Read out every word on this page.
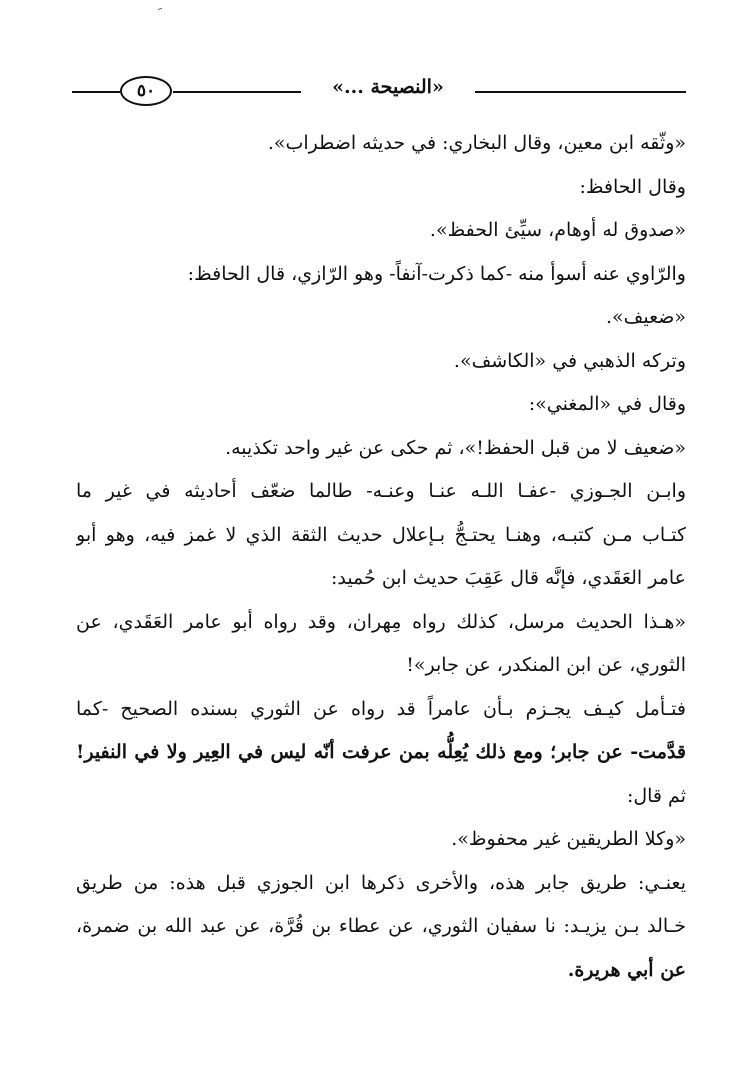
ﹶ
٥٠	«النصيحة ...»
«وثّقه ابن معين، وقال البخاري: في حديثه اضطراب».
وقال الحافظ:
«صدوق له أوهام، سيِّئ الحفظ».
والرّاوي عنه أسوأ منه -كما ذكرت-آنفاً- وهو الرّازي، قال الحافظ:
«ضعيف».
وتركه الذهبي في «الكاشف».
وقال في «المغني»:
«ضعيف لا من قبل الحفظ!»، ثم حكى عن غير واحد تكذيبه.
وابـن الجـوزي -عفـا اللـه عنـا وعنـه- طالما ضعّف أحاديثه في غير ما
كتـاب مـن كتبـه، وهنـا يحتـجُّ بـإعلال حديث الثقة الذي لا غمز فيه، وهو أبو
عامر العَقَدي، فإنَّه قال عَقِبَ حديث ابن حُميد:
«هـذا الحديث مرسل، كذلك رواه مِهران، وقد رواه أبو عامر العَقَدي، عن
الثوري، عن ابن المنكدر، عن جابر»!
فتـأمل كيـف يجـزم بـأن عامراً قد رواه عن الثوري بسنده الصحيح -كما
قدَّمت- عن جابر؛ ومع ذلك يُعِلُّه بمن عرفت أنّه ليس في العِير ولا في النفير!
ثم قال:
«وكلا الطريقين غير محفوظ».
يعنـي: طريق جابر هذه، والأخرى ذكرها ابن الجوزي قبل هذه: من طريق
خـالد بـن يزيـد: نا سفيان الثوري، عن عطاء بن قُرَّة، عن عبد الله بن ضمرة،
عن أبي هريرة.
